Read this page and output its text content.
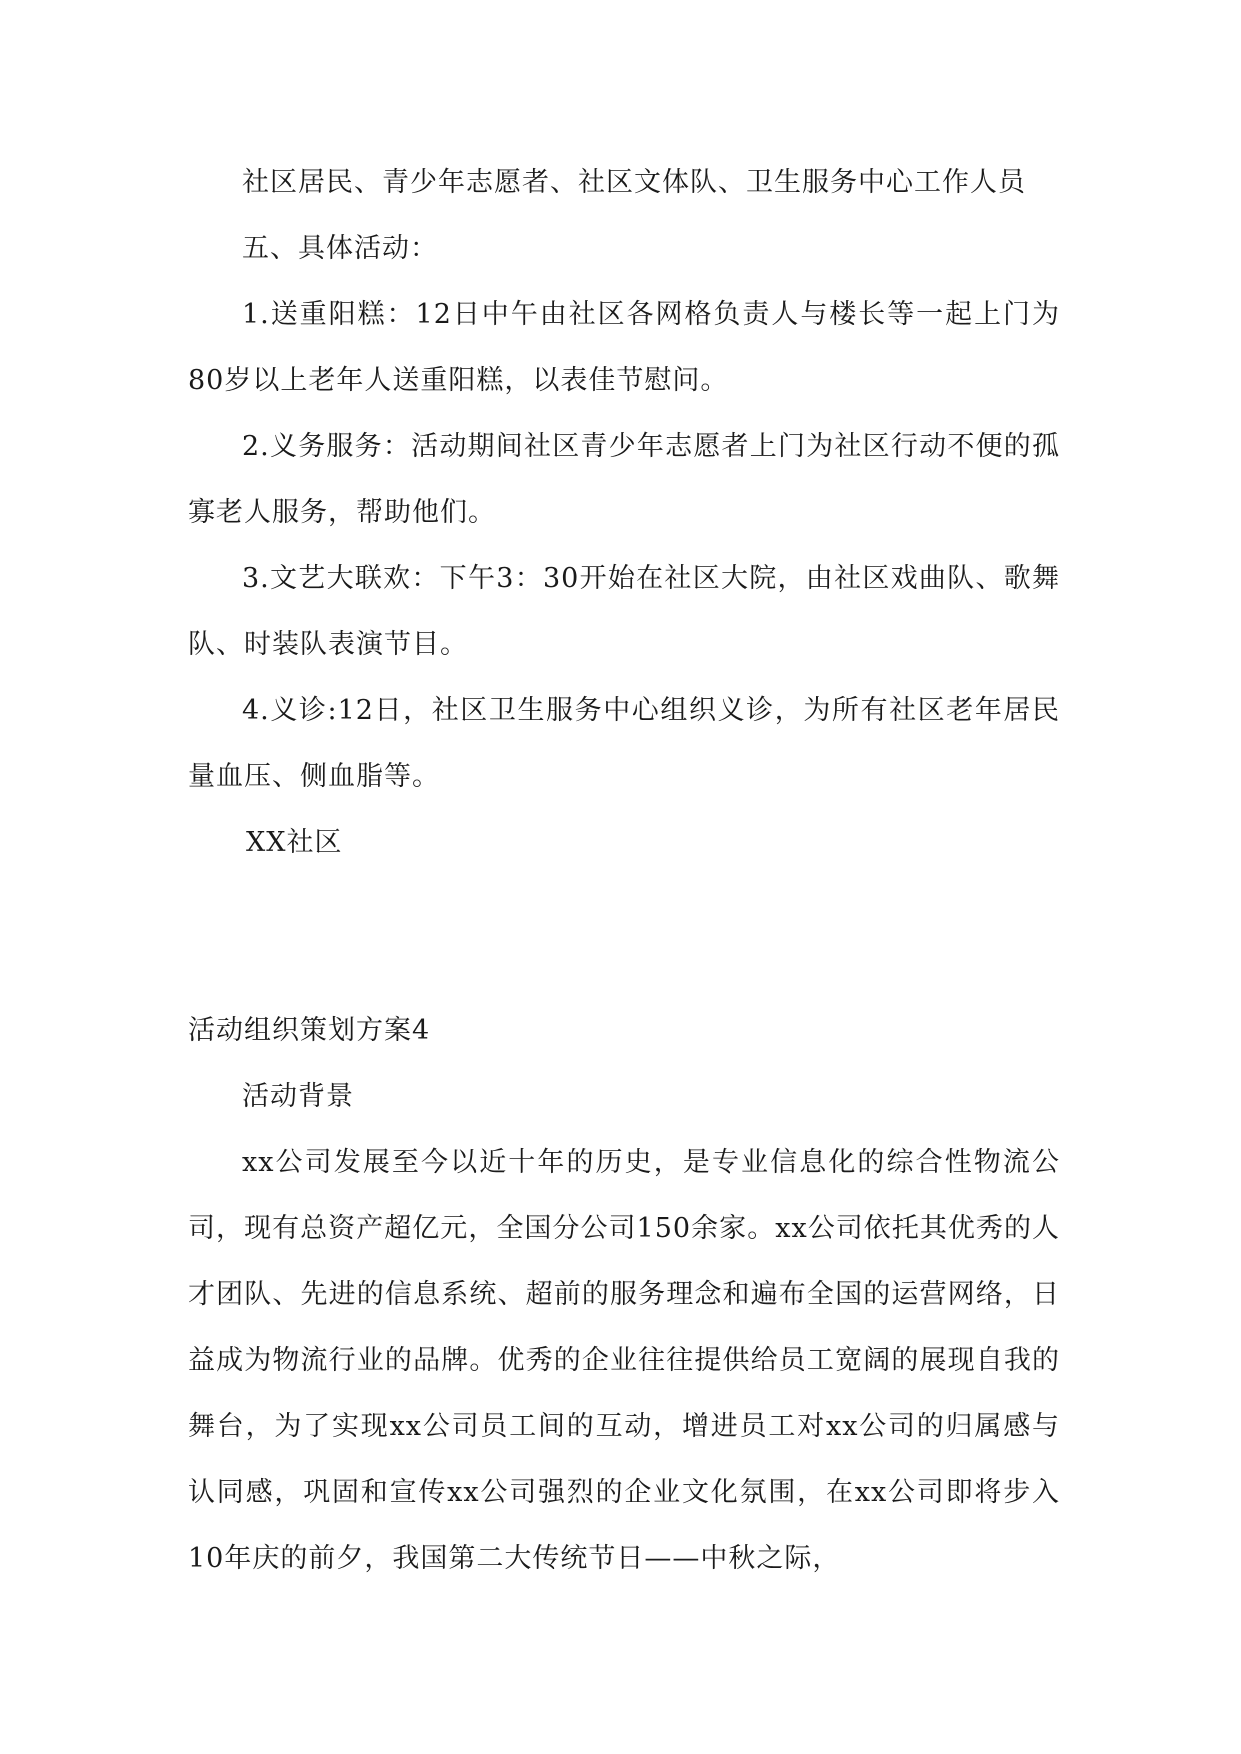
社区居民、青少年志愿者、社区文体队、卫生服务中心工作人员

五、具体活动：

1.送重阳糕：12日中午由社区各网格负责人与楼长等一起上门为80岁以上老年人送重阳糕，以表佳节慰问。

2.义务服务：活动期间社区青少年志愿者上门为社区行动不便的孤寡老人服务，帮助他们。

3.文艺大联欢：下午3：30开始在社区大院，由社区戏曲队、歌舞队、时装队表演节目。

4.义诊:12日，社区卫生服务中心组织义诊，为所有社区老年居民量血压、侧血脂等。

XX社区

活动组织策划方案4

活动背景

xx公司发展至今以近十年的历史，是专业信息化的综合性物流公司，现有总资产超亿元，全国分公司150余家。xx公司依托其优秀的人才团队、先进的信息系统、超前的服务理念和遍布全国的运营网络，日益成为物流行业的品牌。优秀的企业往往提供给员工宽阔的展现自我的舞台，为了实现xx公司员工间的互动，增进员工对xx公司的归属感与认同感，巩固和宣传xx公司强烈的企业文化氛围，在xx公司即将步入10年庆的前夕，我国第二大传统节日——中秋之际，
